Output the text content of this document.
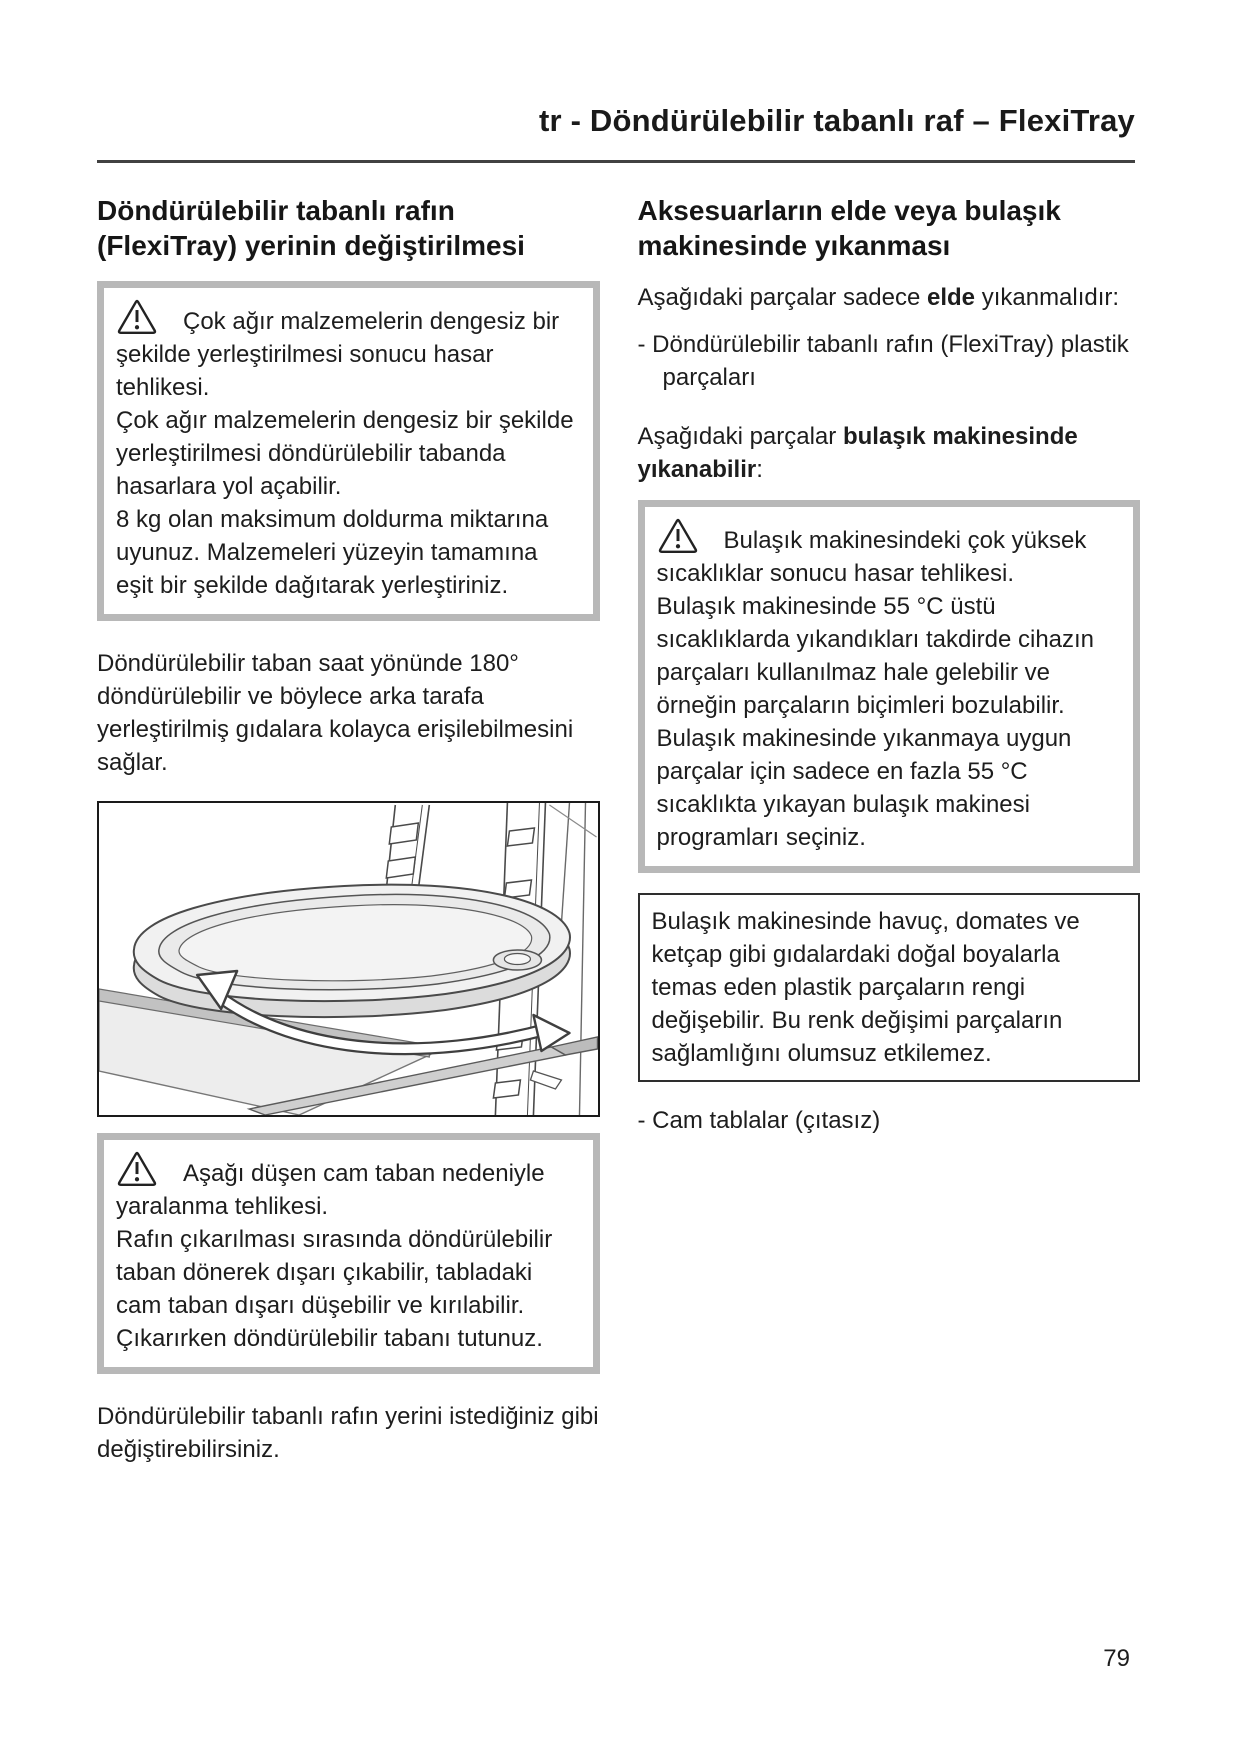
tr - Döndürülebilir tabanlı raf – FlexiTray
Döndürülebilir tabanlı rafın (FlexiTray) yerinin değiştirilmesi

Çok ağır malzemelerin dengesiz bir şekilde yerleştirilmesi sonucu hasar tehlikesi.

Çok ağır malzemelerin dengesiz bir şekilde yerleştirilmesi döndürülebilir tabanda hasarlara yol açabilir.

8 kg olan maksimum doldurma miktarına uyunuz. Malzemeleri yüzeyin tamamına eşit bir şekilde dağıtarak yerleştiriniz.

Döndürülebilir taban saat yönünde 180° döndürülebilir ve böylece arka tarafa yerleştirilmiş gıdalara kolayca erişilebilmesini sağlar.

Aşağı düşen cam taban nedeniyle yaralanma tehlikesi.

Rafın çıkarılması sırasında döndürülebilir taban dönerek dışarı çıkabilir, tabladaki cam taban dışarı düşebilir ve kırılabilir.

Çıkarırken döndürülebilir tabanı tutunuz.

Döndürülebilir tabanlı rafın yerini istediğiniz gibi değiştirebilirsiniz.

Aksesuarların elde veya bulaşık makinesinde yıkanması

Aşağıdaki parçalar sadece elde yıkanmalıdır:

- Döndürülebilir tabanlı rafın (FlexiTray) plastik parçaları

Aşağıdaki parçalar bulaşık makinesinde yıkanabilir:

Bulaşık makinesindeki çok yüksek sıcaklıklar sonucu hasar tehlikesi.

Bulaşık makinesinde 55 °C üstü sıcaklıklarda yıkandıkları takdirde cihazın parçaları kullanılmaz hale gelebilir ve örneğin parçaların biçimleri bozulabilir.

Bulaşık makinesinde yıkanmaya uygun parçalar için sadece en fazla 55 °C sıcaklıkta yıkayan bulaşık makinesi programları seçiniz.

Bulaşık makinesinde havuç, domates ve ketçap gibi gıdalardaki doğal boyalarla temas eden plastik parçaların rengi değişebilir. Bu renk değişimi parçaların sağlamlığını olumsuz etkilemez.

- Cam tablalar (çıtasız)

79
